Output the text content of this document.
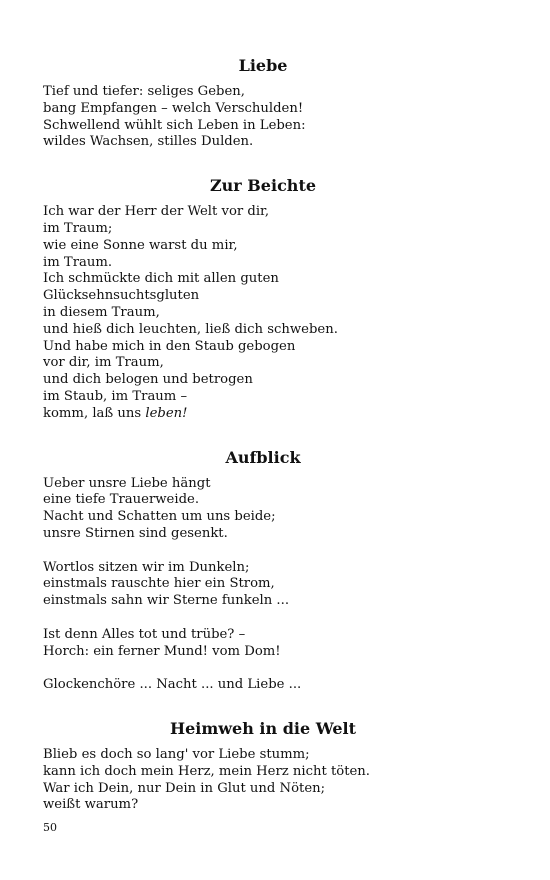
Liebe
Tief und tiefer: seliges Geben,
bang Empfangen – welch Verschulden!
Schwellend wühlt sich Leben in Leben:
wildes Wachsen, stilles Dulden.
Zur Beichte
Ich war der Herr der Welt vor dir,
im Traum;
wie eine Sonne warst du mir,
im Traum.
Ich schmückte dich mit allen guten
Glücksehnsuchtsgluten
in diesem Traum,
und hieß dich leuchten, ließ dich schweben.
Und habe mich in den Staub gebogen
vor dir, im Traum,
und dich belogen und betrogen
im Staub, im Traum –
komm, laß uns leben!
Aufblick
Ueber unsre Liebe hängt
eine tiefe Trauerweide.
Nacht und Schatten um uns beide;
unsre Stirnen sind gesenkt.
Wortlos sitzen wir im Dunkeln;
einstmals rauschte hier ein Strom,
einstmals sahn wir Sterne funkeln ...
Ist denn Alles tot und trübe? –
Horch: ein ferner Mund! vom Dom!
Glockenchöre ... Nacht ... und Liebe ...
Heimweh in die Welt
Blieb es doch so lang' vor Liebe stumm;
kann ich doch mein Herz, mein Herz nicht töten.
War ich Dein, nur Dein in Glut und Nöten;
weißt warum?
50
